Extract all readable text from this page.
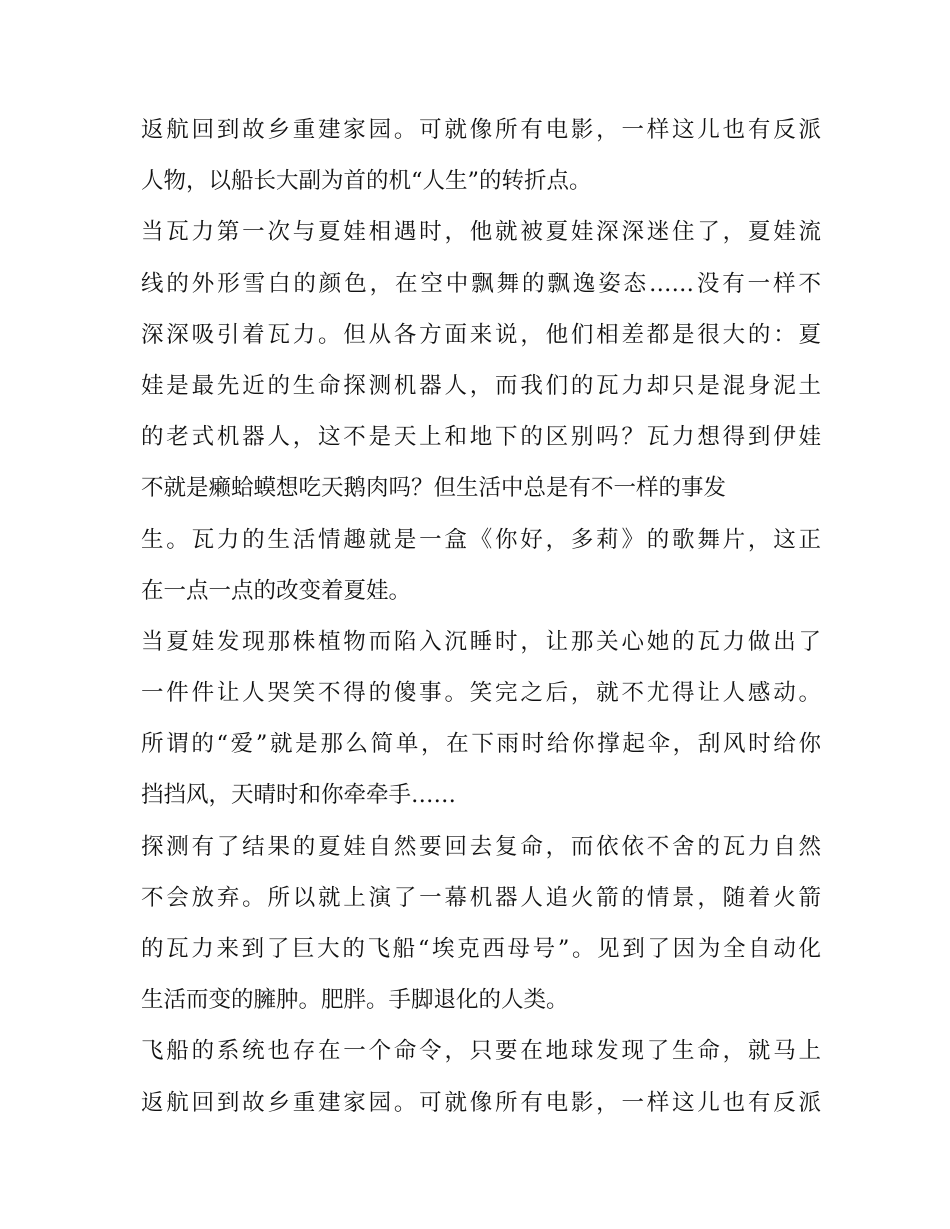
返航回到故乡重建家园。可就像所有电影，一样这儿也有反派
人物，以船长大副为首的机“人生”的转折点。
当瓦力第一次与夏娃相遇时，他就被夏娃深深迷住了，夏娃流
线的外形雪白的颜色，在空中飘舞的飘逸姿态……没有一样不
深深吸引着瓦力。但从各方面来说，他们相差都是很大的：夏
娃是最先近的生命探测机器人，而我们的瓦力却只是混身泥土
的老式机器人，这不是天上和地下的区别吗？瓦力想得到伊娃
不就是癞蛤蟆想吃天鹅肉吗？但生活中总是有不一样的事发
生。瓦力的生活情趣就是一盒《你好，多莉》的歌舞片，这正
在一点一点的改变着夏娃。
当夏娃发现那株植物而陷入沉睡时，让那关心她的瓦力做出了
一件件让人哭笑不得的傻事。笑完之后，就不尤得让人感动。
所谓的“爱”就是那么简单，在下雨时给你撑起伞，刮风时给你
挡挡风，天晴时和你牵牵手……
探测有了结果的夏娃自然要回去复命，而依依不舍的瓦力自然
不会放弃。所以就上演了一幕机器人追火箭的情景，随着火箭
的瓦力来到了巨大的飞船“埃克西母号”。见到了因为全自动化
生活而变的臃肿。肥胖。手脚退化的人类。
飞船的系统也存在一个命令，只要在地球发现了生命，就马上
返航回到故乡重建家园。可就像所有电影，一样这儿也有反派
